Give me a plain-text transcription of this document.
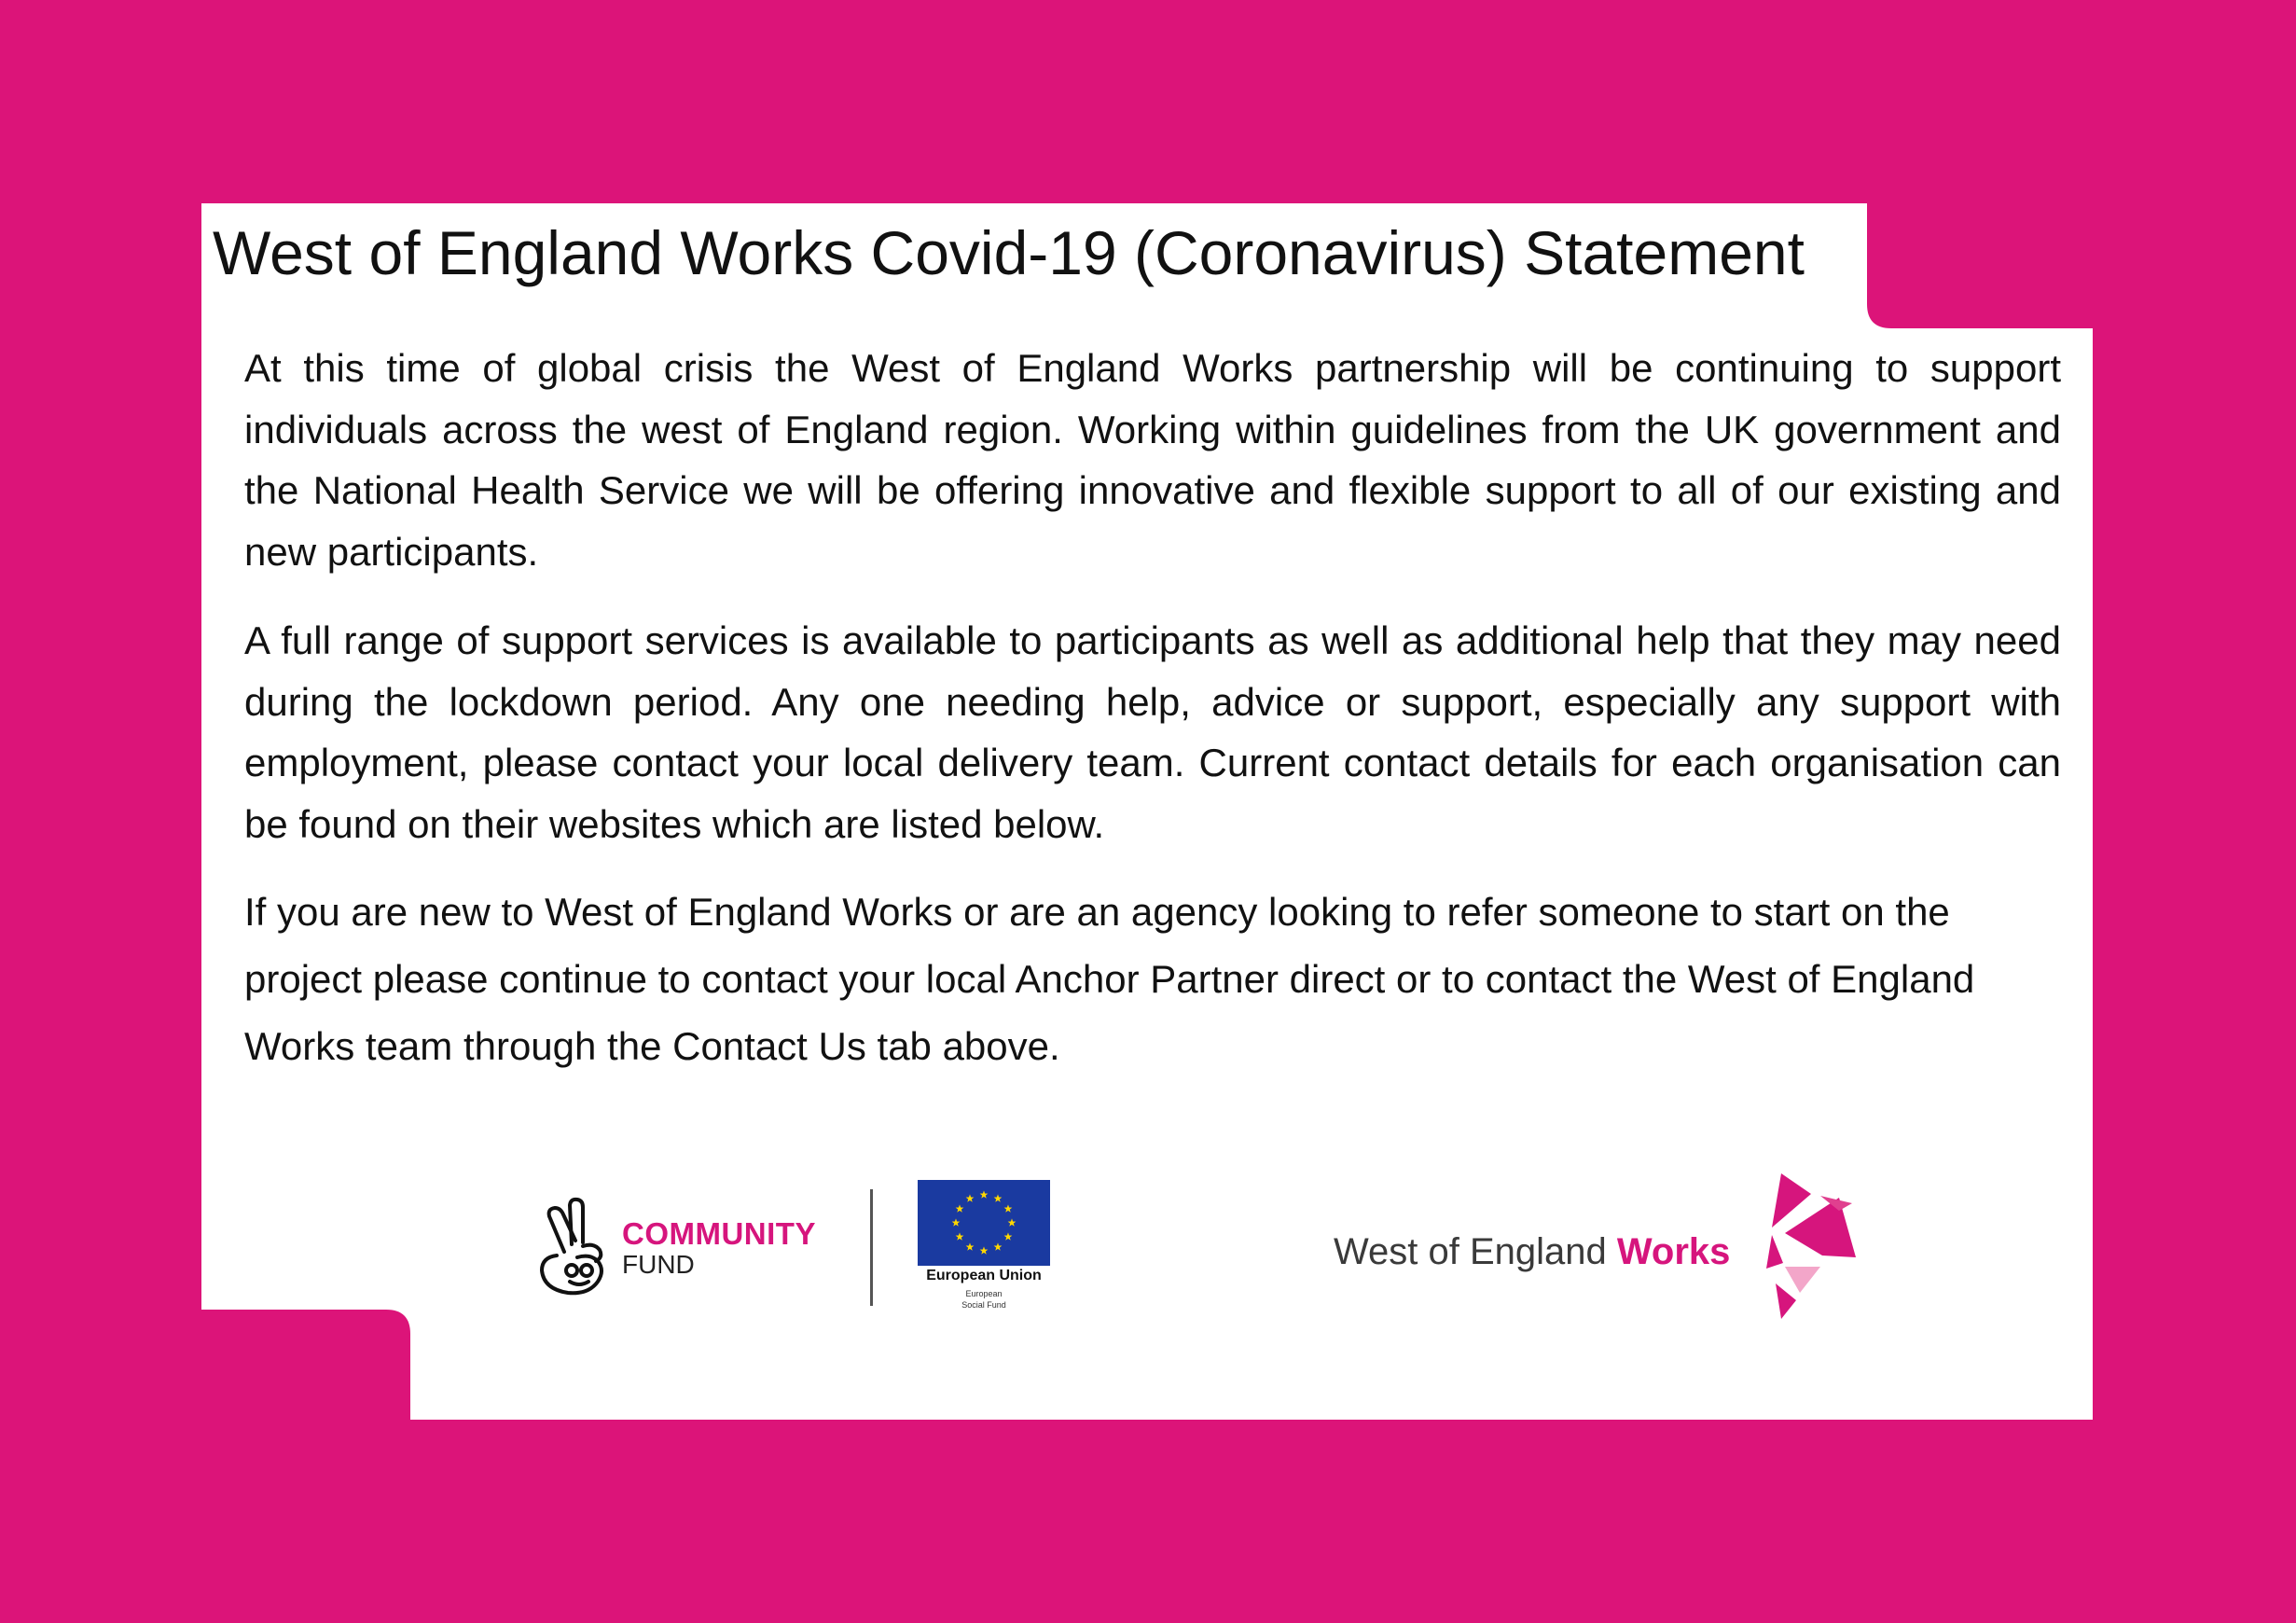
West of England Works Covid-19 (Coronavirus) Statement

At this time of global crisis the West of England Works partnership will be continuing to support individuals across the west of England region. Working within guidelines from the UK government and the National Health Service we will be offering innovative and flexible support to all of our existing and new participants.

A full range of support services is available to participants as well as additional help that they may need during the lockdown period. Any one needing help, advice or support, especially any support with employment, please contact your local delivery team. Current contact details for each organisation can be found on their websites which are listed below.

If you are new to West of England Works or are an agency looking to refer someone to start on the project please continue to contact your local Anchor Partner direct or to contact the West of England Works team through the Contact Us tab above.

COMMUNITY
FUND	European Union
European
Social Fund
West of England Works
